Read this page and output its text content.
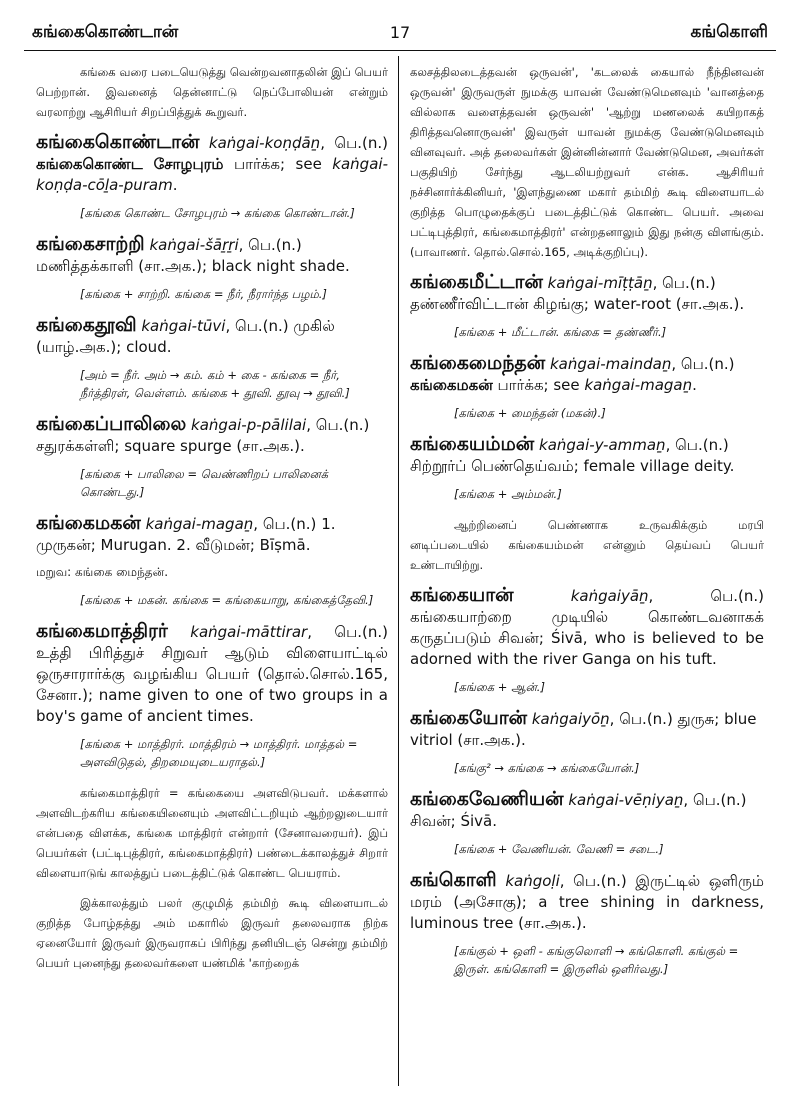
கங்கைகொண்டான்	17	கங்கொளி

கங்கை வரை படையெடுத்து வென்றவனாதலின் இப் பெயர் பெற்றான். இவனைத் தென்னாட்டு நெப்போலியன் என்றும் வரலாற்று ஆசிரியர் சிறப்பித்துக் கூறுவர்.

கங்கைகொண்டான் kaṅgai-koṇḍāṉ, பெ.(n.) கங்கைகொண்ட சோழபுரம் பார்க்க; see kaṅgai-koṇḍa-cōḻa-puram.

[கங்கை கொண்ட சோழபுரம் → கங்கை கொண்டான்.]

கங்கைசாற்றி kaṅgai-šāṟṟi, பெ.(n.) மணித்தக்காளி (சா.அக.); black night shade.

[கங்கை + சாற்றி. கங்கை = நீர், நீரார்ந்த பழம்.]

கங்கைதூவி kaṅgai-tūvi, பெ.(n.) முகில் (யாழ்.அக.); cloud.

[அம் = நீர். அம் → கம். கம் + கை - கங்கை = நீர், நீர்த்திரள், வெள்ளம். கங்கை + தூவி. தூவு → தூவி.]

கங்கைப்பாலிலை kaṅgai-p-pālilai, பெ.(n.) சதுரக்கள்ளி; square spurge (சா.அக.).

[கங்கை + பாலிலை = வெண்ணிறப் பாலினைக் கொண்டது.]

கங்கைமகன் kaṅgai-magaṉ, பெ.(n.) 1. முருகன்; Murugan. 2. வீடுமன்; Bīṣmā.

மறுவ: கங்கை மைந்தன்.

[கங்கை + மகன். கங்கை = கங்கையாறு, கங்கைத்தேவி.]

கங்கைமாத்திரர் kaṅgai-māttirar, பெ.(n.) உத்தி பிரித்துச் சிறுவர் ஆடும் விளையாட்டில் ஒருசாரார்க்கு வழங்கிய பெயர் (தொல்.சொல்.165, சேனா.); name given to one of two groups in a boy's game of ancient times.

[கங்கை + மாத்திரர். மாத்திரம் → மாத்திரர். மாத்தல் = அளவிடுதல், திறமையுடையராதல்.]

கங்கைமாத்திரர் = கங்கையை அளவிடுபவர். மக்களால் அளவிடற்கரிய கங்கையினையும் அளவிட்டறியும் ஆற்றலுடையார் என்பதை விளக்க, கங்கை மாத்திரர் என்றார் (சேனாவரையர்). இப் பெயர்கள் (பட்டிபுத்திரர், கங்கைமாத்திரர்) பண்டைக்காலத்துச் சிறார் விளையாடுங் காலத்துப் படைத்திட்டுக் கொண்ட பெயராம்.

இக்காலத்தும் பலர் குழுமித் தம்மிற் கூடி விளையாடல் குறித்த போழ்தத்து அம் மகாரில் இருவர் தலைவராக நிற்க ஏனையோர் இருவர் இருவராகப் பிரிந்து தனியிடஞ் சென்று தம்மிற் பெயர் புனைந்து தலைவர்களை யண்மிக் 'காற்றைக்

கலசத்திலடைத்தவன் ஒருவன்', 'கடலைக் கையால் நீந்தினவன் ஒருவன்' இருவருள் நுமக்கு யாவன் வேண்டுமெனவும் 'வானத்தை வில்லாக வளைத்தவன் ஒருவன்' 'ஆற்று மணலைக் கயிறாகத் திரித்தவனொருவன்' இவருள் யாவன் நுமக்கு வேண்டுமெனவும் வினவுவர். அத் தலைவர்கள் இன்னின்னார் வேண்டுமென, அவர்கள் பகுதியிற் சேர்ந்து ஆடலியற்றுவர் என்க. ஆசிரியர் நச்சினார்க்கினியர், 'இளந்துணை மகார் தம்மிற் கூடி விளையாடல் குறித்த பொழுதைக்குப் படைத்திட்டுக் கொண்ட பெயர். அவை பட்டிபுத்திரர், கங்கைமாத்திரர்' என்றதனாலும் இது நன்கு விளங்கும். (பாவாணர். தொல்.சொல்.165, அடிக்குறிப்பு).

கங்கைமீட்டான் kaṅgai-mīṭṭāṉ, பெ.(n.) தண்ணீர்விட்டான் கிழங்கு; water-root (சா.அக.).

[கங்கை + மீட்டான். கங்கை = தண்ணீர்.]

கங்கைமைந்தன் kaṅgai-maindaṉ, பெ.(n.) கங்கைமகன் பார்க்க; see kaṅgai-magaṉ.

[கங்கை + மைந்தன் (மகன்).]

கங்கையம்மன் kaṅgai-y-ammaṉ, பெ.(n.) சிற்றூர்ப் பெண்தெய்வம்; female village deity.

[கங்கை + அம்மன்.]

ஆற்றினைப் பெண்ணாக உருவகிக்கும் மரபி னடிப்படையில் கங்கையம்மன் என்னும் தெய்வப் பெயர் உண்டாயிற்று.

கங்கையான்	kaṅgaiyāṉ, பெ.(n.) கங்கையாற்றை முடியில் கொண்டவனாகக் கருதப்படும் சிவன்; Śivā, who is believed to be adorned with the river Ganga on his tuft.

[கங்கை + ஆன்.]

கங்கையோன் kaṅgaiyōṉ, பெ.(n.) துருசு; blue vitriol (சா.அக.).

[கங்கு² → கங்கை → கங்கையோன்.]

கங்கைவேணியன் kaṅgai-vēṇiyaṉ, பெ.(n.) சிவன்; Śivā.

[கங்கை + வேணியன். வேணி = சடை.]

கங்கொளி kaṅgoḷi, பெ.(n.) இருட்டில் ஒளிரும் மரம் (அசோகு); a tree shining in darkness, luminous tree (சா.அக.).

[கங்குல் + ஒளி - கங்குலொளி → கங்கொளி. கங்குல் = இருள். கங்கொளி = இருளில் ஒளிர்வது.]
